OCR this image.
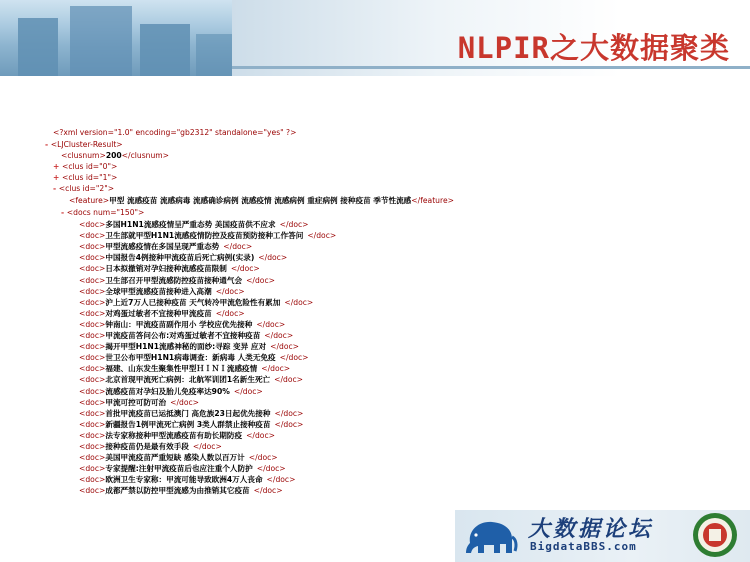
NLPIR之大数据聚类
<?xml version="1.0" encoding="gb2312" standalone="yes" ?>
- <LJCluster-Result>
<clusnum>200</clusnum>
+ <clus id="0">
+ <clus id="1">
- <clus id="2">
<feature>甲型 流感疫苗 流感病毒 流感确诊病例 流感疫情 流感病例 重症病例 接种疫苗 季节性流感</feature>
- <docs num="150">
<doc>多国H1N1流感疫情呈严重态势 美国疫苗供不应求 </doc>
<doc>卫生部就甲型H1N1流感疫情防控及疫苗预防接种工作答问 </doc>
<doc>甲型流感疫情在多国呈现严重态势 </doc>
<doc>中国报告4例接种甲流疫苗后死亡病例(实录) </doc>
<doc>日本拟撤销对孕妇接种流感疫苗限制 </doc>
<doc>卫生部召开甲型流感防控疫苗接种通气会 </doc>
<doc>全球甲型流感疫苗接种进入高潮 </doc>
<doc>沪上近7万人已接种疫苗 天气转冷甲流危险性有累加 </doc>
<doc>对鸡蛋过敏者不宜接种甲流疫苗 </doc>
<doc>钟南山：甲流疫苗副作用小 学校应优先接种 </doc>
<doc>甲流疫苗答问公布:对鸡蛋过敏者不宜接种疫苗 </doc>
<doc>揭开甲型H1N1流感神秘的面纱:寻踪 变异 应对 </doc>
<doc>世卫公布甲型H1N1病毒调查：新病毒 人类无免疫 </doc>
<doc>福建、山东发生聚集性甲型ＨＩＮＩ流感疫情 </doc>
<doc>北京首现甲流死亡病例：北航军训团1名新生死亡 </doc>
<doc>流感疫苗对孕妇及胎儿免疫率达90% </doc>
<doc>甲流可控可防可治 </doc>
<doc>首批甲流疫苗已运抵澳门 高危族23日起优先接种 </doc>
<doc>新疆报告1例甲流死亡病例 3类人群禁止接种疫苗 </doc>
<doc>法专家称接种甲型流感疫苗有助长期防疫 </doc>
<doc>接种疫苗仍是最有效手段 </doc>
<doc>美国甲流疫苗严重短缺 感染人数以百万计 </doc>
<doc>专家提醒:注射甲流疫苗后也应注重个人防护 </doc>
<doc>欧洲卫生专家称：甲流可能导致欧洲4万人丧命 </doc>
<doc>成都严禁以防控甲型流感为由推销其它疫苗 </doc>
大数据论坛
BigdataBBS.com
